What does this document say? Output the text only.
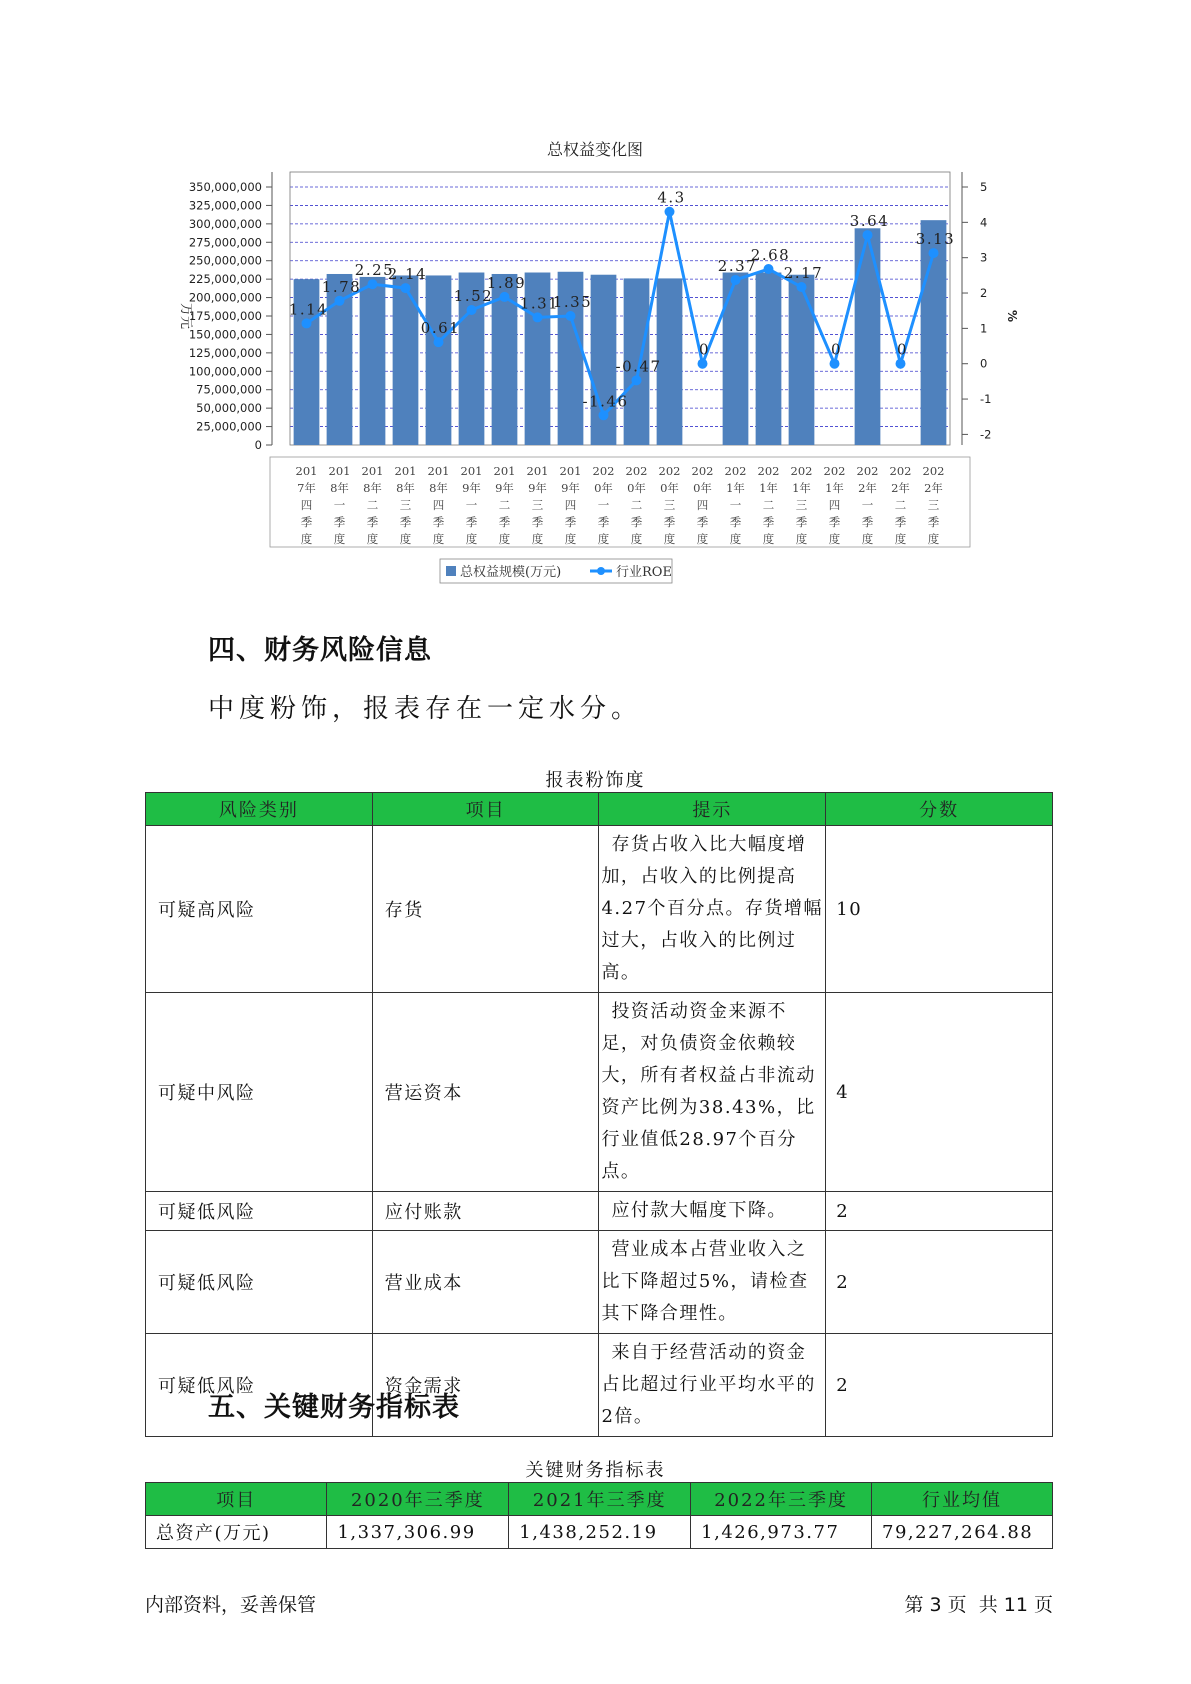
总权益变化图
0
25,000,000
50,000,000
75,000,000
100,000,000
125,000,000
150,000,000
175,000,000
200,000,000
225,000,000
250,000,000
275,000,000
300,000,000
325,000,000
350,000,000
万元
-2
-1
0
1
2
3
4
5
%
201 7年四季度
201 8年一季度
201 8年二季度
201 8年三季度
201 8年四季度
201 9年一季度
201 9年二季度
201 9年三季度
201 9年四季度
202 0年一季度
202 0年二季度
202 0年三季度
202 0年四季度
202 1年一季度
202 1年二季度
202 1年三季度
202 1年四季度
202 2年一季度
202 2年二季度
202 2年三季度
1.14
1.78
2.25
2.14
0.61
1.52
1.89
1.31
1.35
-1.46
-0.47
4.3
0
2.37
2.68
2.17
0
3.64
0
3.13
总权益规模(万元)	行业ROE
四、财务风险信息
中度粉饰，报表存在一定水分。
报表粉饰度
风险类别	项目	提示	分数
可疑高风险	存货	存货占收入比大幅度增加，占收入的比例提高4.27个百分点。存货增幅过大，占收入的比例过高。	10
可疑中风险	营运资本	投资活动资金来源不足，对负债资金依赖较大，所有者权益占非流动资产比例为38.43%，比行业值低28.97个百分点。	4
可疑低风险	应付账款	应付款大幅度下降。	2
可疑低风险	营业成本	营业成本占营业收入之比下降超过5%，请检查其下降合理性。	2
可疑低风险	资金需求	来自于经营活动的资金占比超过行业平均水平的2倍。	2
五、关键财务指标表
关键财务指标表
项目	2020年三季度	2021年三季度	2022年三季度	行业均值
总资产(万元)	1,337,306.99	1,438,252.19	1,426,973.77	79,227,264.88
内部资料，妥善保管	第 3 页  共 11 页
